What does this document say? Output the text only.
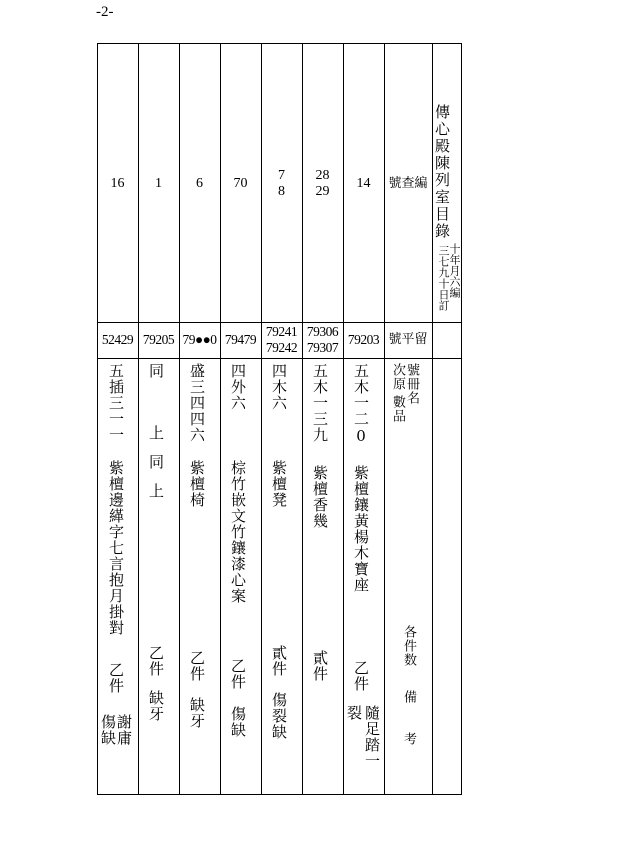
-2-
傳心殿陳列室目錄
三七九十日訂
十年月六編
號查編
號平留
次原 號冊名
數品
各件数
備　考
14
79203
五木一二0
紫檀鑲黃楊木寶座
乙件
隨足踏一
裂
28
29
79306
79307
五木一三九
紫檀香幾
貳件
7
8
79241
79242
四木六
紫檀凳
貳件
傷裂缺
70
79479
四外六
棕竹嵌文竹鑲漆心案
乙件
傷缺
6
79●●0
盛三四四六
紫檀椅
乙件
缺牙
1
79205
同
上同上
乙件
缺牙
16
52429
五插三一一
紫檀邊緙字七言抱月掛對
乙件
謝庸
傷缺
